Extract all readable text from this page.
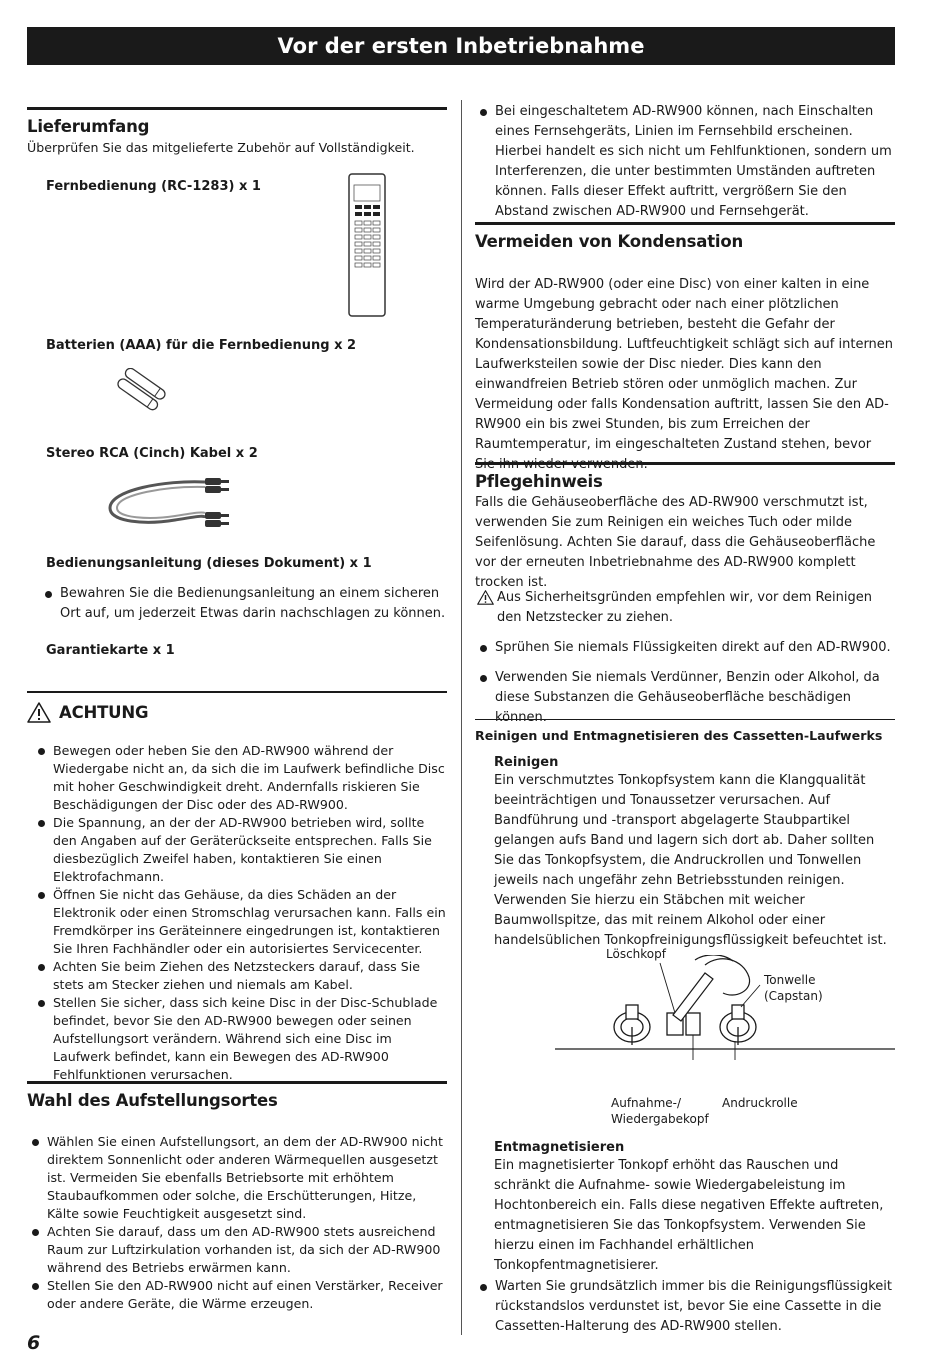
Vor der ersten Inbetriebnahme
Lieferumfang
Überprüfen Sie das mitgelieferte Zubehör auf Vollständigkeit.
Fernbedienung (RC-1283) x 1
Batterien (AAA) für die Fernbedienung x 2
Stereo RCA (Cinch) Kabel x 2
Bedienungsanleitung (dieses Dokument) x 1
Bewahren Sie die Bedienungsanleitung an einem sicheren Ort auf, um jederzeit Etwas darin nachschlagen zu können.
Garantiekarte x 1
ACHTUNG
Bewegen oder heben Sie den AD-RW900 während der Wiedergabe nicht an, da sich die im Laufwerk befindliche Disc mit hoher Geschwindigkeit dreht. Andernfalls riskieren Sie Beschädigungen der Disc oder des AD-RW900.
Die Spannung, an der der AD-RW900 betrieben wird, sollte den Angaben auf der Geräterückseite entsprechen. Falls Sie diesbezüglich Zweifel haben, kontaktieren Sie einen Elektrofachmann.
Öffnen Sie nicht das Gehäuse, da dies Schäden an der Elektronik oder einen Stromschlag verursachen kann. Falls ein Fremdkörper ins Geräteinnere eingedrungen ist, kontaktieren Sie Ihren Fachhändler oder ein autorisiertes Servicecenter.
Achten Sie beim Ziehen des Netzsteckers darauf, dass Sie stets am Stecker ziehen und niemals am Kabel.
Stellen Sie sicher, dass sich keine Disc in der Disc-Schublade befindet, bevor Sie den AD-RW900 bewegen oder seinen Aufstellungsort verändern. Während sich eine Disc im Laufwerk befindet, kann ein Bewegen des AD-RW900 Fehlfunktionen verursachen.
Wahl des Aufstellungsortes
Wählen Sie einen Aufstellungsort, an dem der AD-RW900 nicht direktem Sonnenlicht oder anderen Wärmequellen ausgesetzt ist. Vermeiden Sie ebenfalls Betriebsorte mit erhöhtem Staubaufkommen oder solche, die Erschütterungen, Hitze, Kälte sowie Feuchtigkeit ausgesetzt sind.
Achten Sie darauf, dass um den AD-RW900 stets ausreichend Raum zur Luftzirkulation vorhanden ist, da sich der AD-RW900 während des Betriebs erwärmen kann.
Stellen Sie den AD-RW900 nicht auf einen Verstärker, Receiver oder andere Geräte, die Wärme erzeugen.
6
Bei eingeschaltetem AD-RW900 können, nach Einschalten eines Fernsehgeräts, Linien im Fernsehbild erscheinen. Hierbei handelt es sich nicht um Fehlfunktionen, sondern um Interferenzen, die unter bestimmten Umständen auftreten können. Falls dieser Effekt auftritt, vergrößern Sie den Abstand zwischen AD-RW900 und Fernsehgerät.
Vermeiden von Kondensation
Wird der AD-RW900 (oder eine Disc) von einer kalten in eine warme Umgebung gebracht oder nach einer plötzlichen Temperaturänderung betrieben, besteht die Gefahr der Kondensationsbildung. Luftfeuchtigkeit schlägt sich auf internen Laufwerksteilen sowie der Disc nieder. Dies kann den einwandfreien Betrieb stören oder unmöglich machen. Zur Vermeidung oder falls Kondensation auftritt, lassen Sie den AD-RW900 ein bis zwei Stunden, bis zum Erreichen der Raumtemperatur, im eingeschalteten Zustand stehen, bevor Sie ihn wieder verwenden.
Pflegehinweis
Falls die Gehäuseoberfläche des AD-RW900 verschmutzt ist, verwenden Sie zum Reinigen ein weiches Tuch oder milde Seifenlösung. Achten Sie darauf, dass die Gehäuseoberfläche vor der erneuten Inbetriebnahme des AD-RW900 komplett trocken ist.
Aus Sicherheitsgründen empfehlen wir, vor dem Reinigen den Netzstecker zu ziehen.
Sprühen Sie niemals Flüssigkeiten direkt auf den AD-RW900.
Verwenden Sie niemals Verdünner, Benzin oder Alkohol, da diese Substanzen die Gehäuseoberfläche beschädigen können.
Reinigen und Entmagnetisieren des Cassetten-Laufwerks
Reinigen
Ein verschmutztes Tonkopfsystem kann die Klangqualität beeinträchtigen und Tonaussetzer verursachen. Auf Bandführung und -transport abgelagerte Staubpartikel gelangen aufs Band und lagern sich dort ab. Daher sollten Sie das Tonkopfsystem, die Andruckrollen und Tonwellen jeweils nach ungefähr zehn Betriebsstunden reinigen. Verwenden Sie hierzu ein Stäbchen mit weicher Baumwollspitze, das mit reinem Alkohol oder einer handelsüblichen Tonkopfreinigungsflüssigkeit befeuchtet ist.
Löschkopf
Tonwelle
(Capstan)
Aufnahme-/
Wiedergabekopf
Andruckrolle
Entmagnetisieren
Ein magnetisierter Tonkopf erhöht das Rauschen und schränkt die Aufnahme- sowie Wiedergabeleistung im Hochtonbereich ein. Falls diese negativen Effekte auftreten, entmagnetisieren Sie das Tonkopfsystem. Verwenden Sie hierzu einen im Fachhandel erhältlichen Tonkopfentmagnetisierer.
Warten Sie grundsätzlich immer bis die Reinigungsflüssigkeit rückstandslos verdunstet ist, bevor Sie eine Cassette in die Cassetten-Halterung des AD-RW900 stellen.
